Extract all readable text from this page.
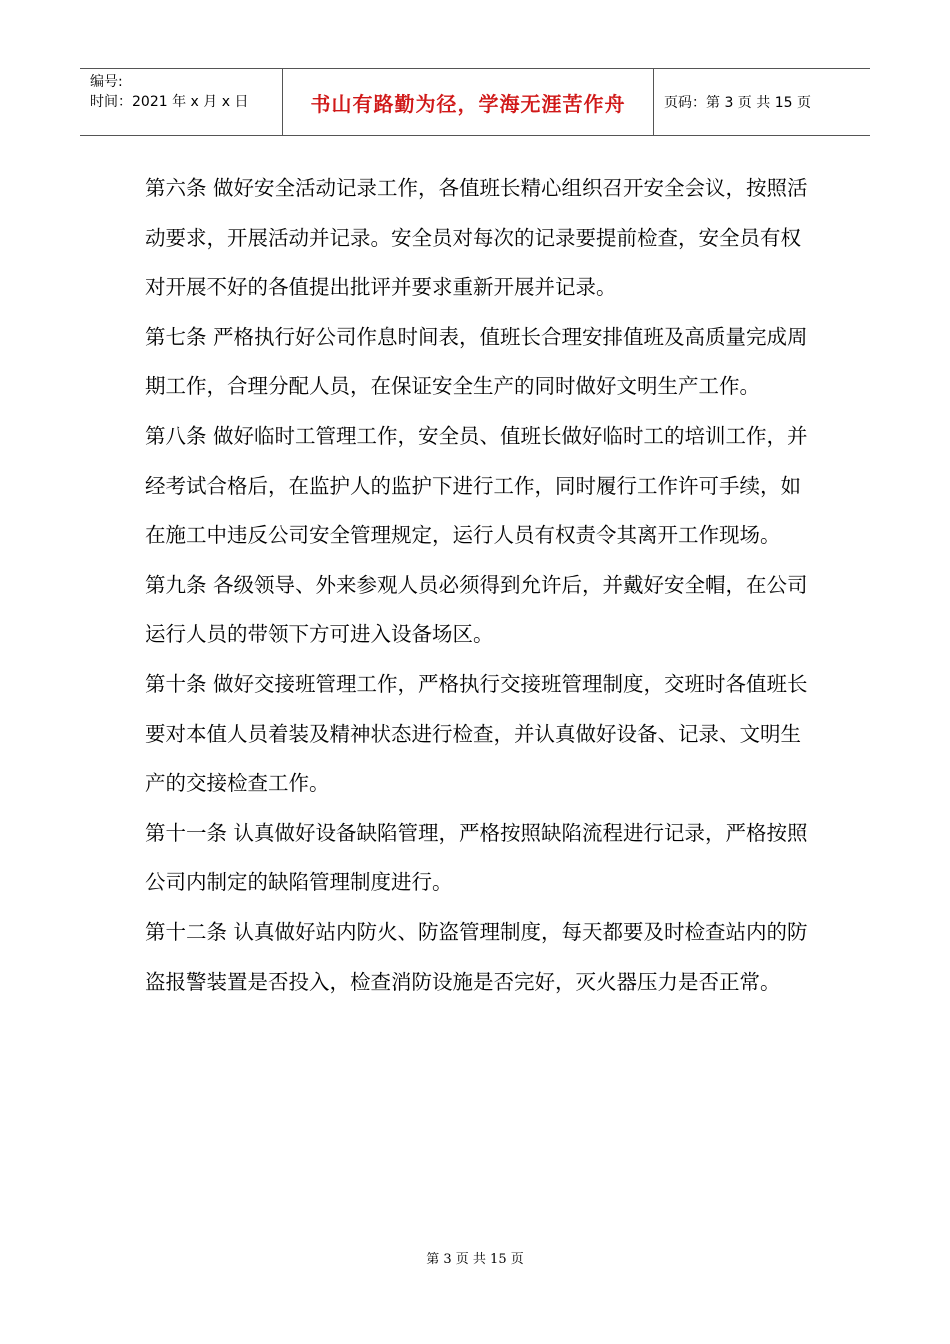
编号:
时间：2021 年 x 月 x 日	书山有路勤为径，学海无涯苦作舟	页码：第 3 页 共 15 页

第六条 做好安全活动记录工作，各值班长精心组织召开安全会议，按照活动要求，开展活动并记录。安全员对每次的记录要提前检查，安全员有权对开展不好的各值提出批评并要求重新开展并记录。

第七条 严格执行好公司作息时间表，值班长合理安排值班及高质量完成周期工作，合理分配人员，在保证安全生产的同时做好文明生产工作。

第八条 做好临时工管理工作，安全员、值班长做好临时工的培训工作，并经考试合格后，在监护人的监护下进行工作，同时履行工作许可手续，如在施工中违反公司安全管理规定，运行人员有权责令其离开工作现场。

第九条 各级领导、外来参观人员必须得到允许后，并戴好安全帽，在公司运行人员的带领下方可进入设备场区。

第十条 做好交接班管理工作，严格执行交接班管理制度，交班时各值班长要对本值人员着装及精神状态进行检查，并认真做好设备、记录、文明生产的交接检查工作。

第十一条 认真做好设备缺陷管理，严格按照缺陷流程进行记录，严格按照公司内制定的缺陷管理制度进行。

第十二条 认真做好站内防火、防盗管理制度，每天都要及时检查站内的防盗报警装置是否投入，检查消防设施是否完好，灭火器压力是否正常。

第 3 页 共 15 页
